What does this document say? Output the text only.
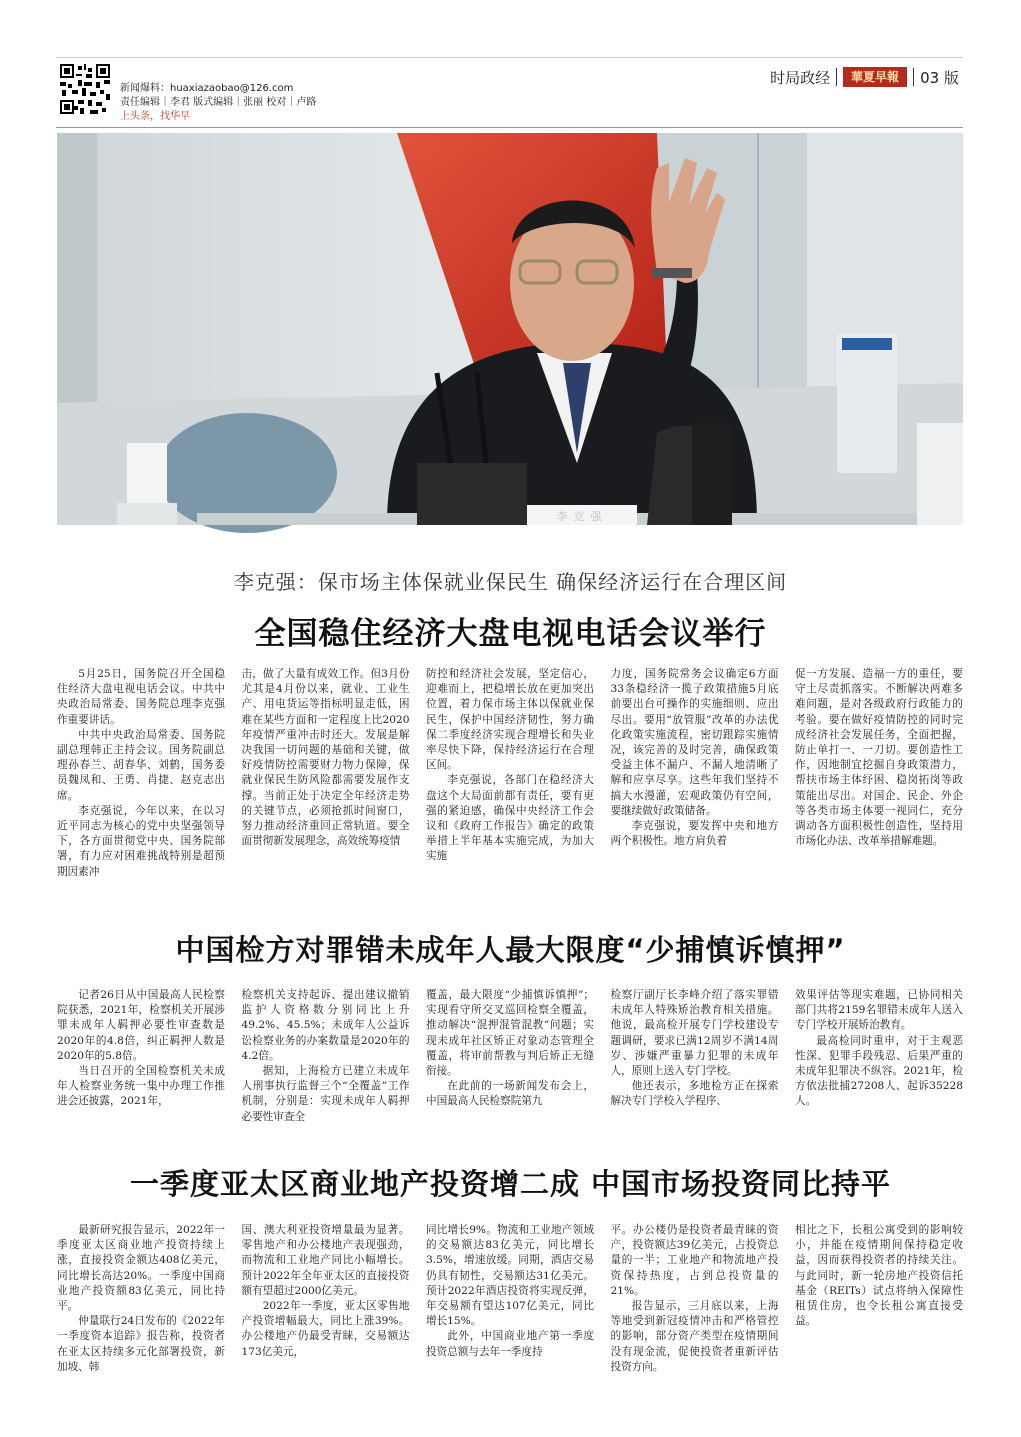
新闻爆料：huaxiazaobao@126.com
责任编辑｜李君 版式编辑｜张丽 校对｜卢路
上头条，找华早
时局政经 華夏早報 03 版
李克强
李克强：保市场主体保就业保民生 确保经济运行在合理区间
全国稳住经济大盘电视电话会议举行

5月25日，国务院召开全国稳住经济大盘电视电话会议。中共中央政治局常委、国务院总理李克强作重要讲话。

中共中央政治局常委、国务院副总理韩正主持会议。国务院副总理孙春兰、胡春华、刘鹤，国务委员魏凤和、王勇、肖捷、赵克志出席。

李克强说，今年以来，在以习近平同志为核心的党中央坚强领导下，各方面贯彻党中央、国务院部署，有力应对困难挑战特别是超预期因素冲

击，做了大量有成效工作。但3月份尤其是4月份以来，就业、工业生产、用电货运等指标明显走低，困难在某些方面和一定程度上比2020年疫情严重冲击时还大。发展是解决我国一切问题的基础和关键，做好疫情防控需要财力物力保障，保就业保民生防风险都需要发展作支撑。当前正处于决定全年经济走势的关键节点，必须抢抓时间窗口，努力推动经济重回正常轨道。要全面贯彻新发展理念，高效统筹疫情

防控和经济社会发展，坚定信心，迎难而上，把稳增长放在更加突出位置，着力保市场主体以保就业保民生，保护中国经济韧性，努力确保二季度经济实现合理增长和失业率尽快下降，保持经济运行在合理区间。

李克强说，各部门在稳经济大盘这个大局面前都有责任，要有更强的紧迫感，确保中央经济工作会议和《政府工作报告》确定的政策举措上半年基本实施完成，为加大实施

力度，国务院常务会议确定6方面33条稳经济一揽子政策措施5月底前要出台可操作的实施细则、应出尽出。要用“放管服”改革的办法优化政策实施流程，密切跟踪实施情况，该完善的及时完善，确保政策受益主体不漏户、不漏人地清晰了解和应享尽享。这些年我们坚持不搞大水漫灌，宏观政策仍有空间，要继续做好政策储备。

李克强说，要发挥中央和地方两个积极性。地方肩负着

促一方发展、造福一方的重任，要守土尽责抓落实。不断解决两难多难问题，是对各级政府行政能力的考验。要在做好疫情防控的同时完成经济社会发展任务，全面把握，防止单打一、一刀切。要创造性工作，因地制宜挖掘自身政策潜力，帮扶市场主体纾困、稳岗拓岗等政策能出尽出。对国企、民企、外企等各类市场主体要一视同仁，充分调动各方面积极性创造性，坚持用市场化办法、改革举措解难题。

中国检方对罪错未成年人最大限度“少捕慎诉慎押”

记者26日从中国最高人民检察院获悉，2021年，检察机关开展涉罪未成年人羁押必要性审查数是2020年的4.8倍，纠正羁押人数是2020年的5.8倍。

当日召开的全国检察机关未成年人检察业务统一集中办理工作推进会还披露，2021年，

检察机关支持起诉、提出建议撤销监护人资格数分别同比上升49.2%、45.5%；未成年人公益诉讼检察业务的办案数量是2020年的4.2倍。

据知，上海检方已建立未成年人刑事执行监督三个“全覆盖”工作机制，分别是：实现未成年人羁押必要性审查全

覆盖，最大限度“少捕慎诉慎押”；实现看守所交叉巡回检察全覆盖，推动解决“混押混管混教”问题；实现未成年社区矫正对象动态管理全覆盖，将审前帮教与判后矫正无缝衔接。

在此前的一场新闻发布会上，中国最高人民检察院第九

检察厅副厅长李峰介绍了落实罪错未成年人特殊矫治教育相关措施。他说，最高检开展专门学校建设专题调研，要求已满12周岁不满14周岁、涉嫌严重暴力犯罪的未成年人，原则上送入专门学校。

他还表示，多地检方正在探索解决专门学校入学程序、

效果评估等现实难题，已协同相关部门共将2159名罪错未成年人送入专门学校开展矫治教育。

最高检同时重申，对于主观恶性深、犯罪手段残忍、后果严重的未成年犯罪决不纵容。2021年，检方依法批捕27208人、起诉35228人。

一季度亚太区商业地产投资增二成 中国市场投资同比持平

最新研究报告显示，2022年一季度亚太区商业地产投资持续上涨，直接投资金额达408亿美元，同比增长高达20%。一季度中国商业地产投资额83亿美元，同比持平。

仲量联行24日发布的《2022年一季度资本追踪》报告称，投资者在亚太区持续多元化部署投资，新加坡、韩

国、澳大利亚投资增量最为显著。零售地产和办公楼地产表现强劲，而物流和工业地产同比小幅增长。预计2022年全年亚太区的直接投资额有望超过2000亿美元。

2022年一季度，亚太区零售地产投资增幅最大，同比上涨39%。办公楼地产仍最受青睐，交易额达173亿美元，

同比增长9%。物流和工业地产领域的交易额达83亿美元，同比增长3.5%，增速放缓。同期，酒店交易仍具有韧性，交易额达31亿美元。预计2022年酒店投资将实现反弹，年交易额有望达107亿美元，同比增长15%。

此外，中国商业地产第一季度投资总额与去年一季度持

平。办公楼仍是投资者最青睐的资产，投资额达39亿美元，占投资总量的一半；工业地产和物流地产投资保持热度，占到总投资量的21%。

报告显示，三月底以来，上海等地受到新冠疫情冲击和严格管控的影响，部分资产类型在疫情期间没有现金流，促使投资者重新评估投资方向。

相比之下，长租公寓受到的影响较小，并能在疫情期间保持稳定收益，因而获得投资者的持续关注。与此同时，新一轮房地产投资信托基金（REITs）试点将纳入保障性租赁住房，也令长租公寓直接受益。
